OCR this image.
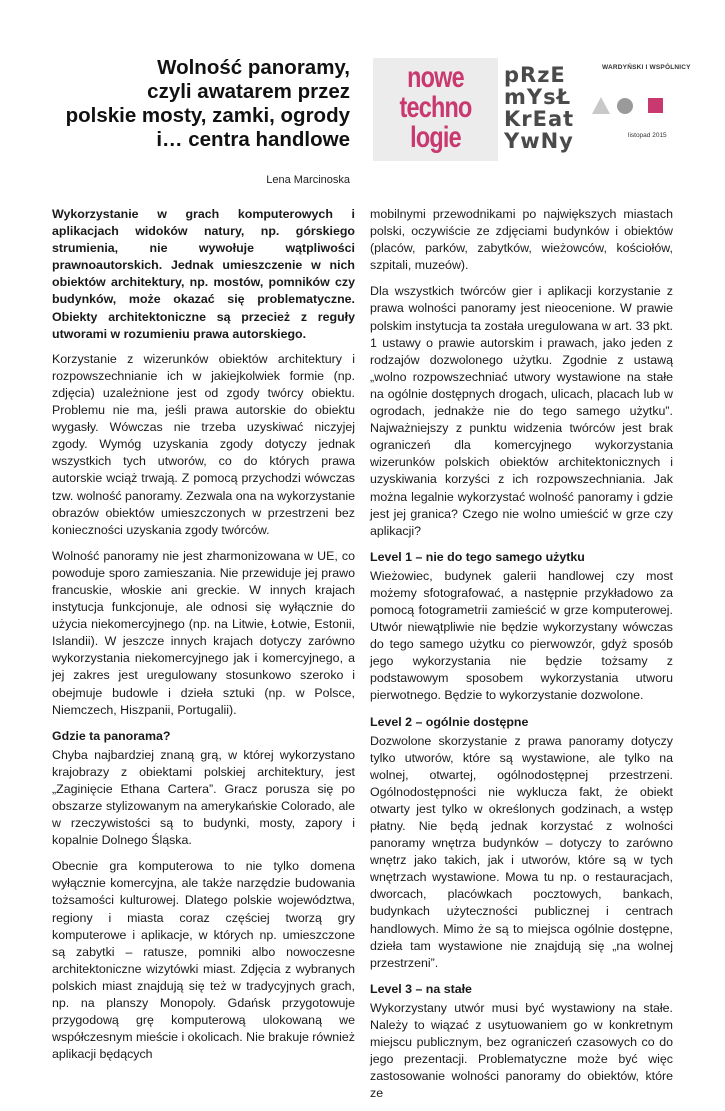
Wolność panoramy,
czyli awatarem przez
polskie mosty, zamki, ogrody
i… centra handlowe
Lena Marcinoska
nowe
techno
logie
pRzE
mYsŁ
KrEat
YwNy
WARDYŃSKI I WSPÓLNICY
listopad 2015

Wykorzystanie w grach komputerowych i aplikacjach widoków natury, np. górskiego strumienia, nie wywołuje wątpliwości prawnoautorskich. Jednak umieszczenie w nich obiektów architektury, np. mostów, pomników czy budynków, może okazać się problematyczne. Obiekty architektoniczne są przecież z reguły utworami w rozumieniu prawa autorskiego.

Korzystanie z wizerunków obiektów architektury i rozpowszechnianie ich w jakiejkolwiek formie (np. zdjęcia) uzależnione jest od zgody twórcy obiektu. Problemu nie ma, jeśli prawa autorskie do obiektu wygasły. Wówczas nie trzeba uzyskiwać niczyjej zgody. Wymóg uzyskania zgody dotyczy jednak wszystkich tych utworów, co do których prawa autorskie wciąż trwają. Z pomocą przychodzi wówczas tzw. wolność panoramy. Zezwala ona na wykorzystanie obrazów obiektów umieszczonych w przestrzeni bez konieczności uzyskania zgody twórców.

Wolność panoramy nie jest zharmonizowana w UE, co powoduje sporo zamieszania. Nie przewiduje jej prawo francuskie, włoskie ani greckie. W innych krajach instytucja funkcjonuje, ale odnosi się wyłącznie do użycia niekomercyjnego (np. na Litwie, Łotwie, Estonii, Islandii). W jeszcze innych krajach dotyczy zarówno wykorzystania niekomercyjnego jak i komercyjnego, a jej zakres jest uregulowany stosunkowo szeroko i obejmuje budowle i dzieła sztuki (np. w Polsce, Niemczech, Hiszpanii, Portugalii).

Gdzie ta panorama?

Chyba najbardziej znaną grą, w której wykorzystano krajobrazy z obiektami polskiej architektury, jest „Zaginięcie Ethana Cartera”. Gracz porusza się po obszarze stylizowanym na amerykańskie Colorado, ale w rzeczywistości są to budynki, mosty, zapory i kopalnie Dolnego Śląska.

Obecnie gra komputerowa to nie tylko domena wyłącznie komercyjna, ale także narzędzie budowania tożsamości kulturowej. Dlatego polskie województwa, regiony i miasta coraz częściej tworzą gry komputerowe i aplikacje, w których np. umieszczone są zabytki – ratusze, pomniki albo nowoczesne architektoniczne wizytówki miast. Zdjęcia z wybranych polskich miast znajdują się też w tradycyjnych grach, np. na planszy Monopoly. Gdańsk przygotowuje przygodową grę komputerową ulokowaną we współczesnym mieście i okolicach. Nie brakuje również aplikacji będących

mobilnymi przewodnikami po największych miastach polski, oczywiście ze zdjęciami budynków i obiektów (placów, parków, zabytków, wieżowców, kościołów, szpitali, muzeów).

Dla wszystkich twórców gier i aplikacji korzystanie z prawa wolności panoramy jest nieocenione. W prawie polskim instytucja ta została uregulowana w art. 33 pkt. 1 ustawy o prawie autorskim i prawach, jako jeden z rodzajów dozwolonego użytku. Zgodnie z ustawą „wolno rozpowszechniać utwory wystawione na stałe na ogólnie dostępnych drogach, ulicach, placach lub w ogrodach, jednakże nie do tego samego użytku”. Najważniejszy z punktu widzenia twórców jest brak ograniczeń dla komercyjnego wykorzystania wizerunków polskich obiektów architektonicznych i uzyskiwania korzyści z ich rozpowszechniania. Jak można legalnie wykorzystać wolność panoramy i gdzie jest jej granica? Czego nie wolno umieścić w grze czy aplikacji?

Level 1 – nie do tego samego użytku

Wieżowiec, budynek galerii handlowej czy most możemy sfotografować, a następnie przykładowo za pomocą fotogrametrii zamieścić w grze komputerowej. Utwór niewątpliwie nie będzie wykorzystany wówczas do tego samego użytku co pierwowzór, gdyż sposób jego wykorzystania nie będzie tożsamy z podstawowym sposobem wykorzystania utworu pierwotnego. Będzie to wykorzystanie dozwolone.

Level 2 – ogólnie dostępne

Dozwolone skorzystanie z prawa panoramy dotyczy tylko utworów, które są wystawione, ale tylko na wolnej, otwartej, ogólnodostępnej przestrzeni. Ogólnodostępności nie wyklucza fakt, że obiekt otwarty jest tylko w określonych godzinach, a wstęp płatny. Nie będą jednak korzystać z wolności panoramy wnętrza budynków – dotyczy to zarówno wnętrz jako takich, jak i utworów, które są w tych wnętrzach wystawione. Mowa tu np. o restauracjach, dworcach, placówkach pocztowych, bankach, budynkach użyteczności publicznej i centrach handlowych. Mimo że są to miejsca ogólnie dostępne, dzieła tam wystawione nie znajdują się „na wolnej przestrzeni”.

Level 3 – na stałe

Wykorzystany utwór musi być wystawiony na stałe. Należy to wiązać z usytuowaniem go w konkretnym miejscu publicznym, bez ograniczeń czasowych co do jego prezentacji. Problematyczne może być więc zastosowanie wolności panoramy do obiektów, które ze
